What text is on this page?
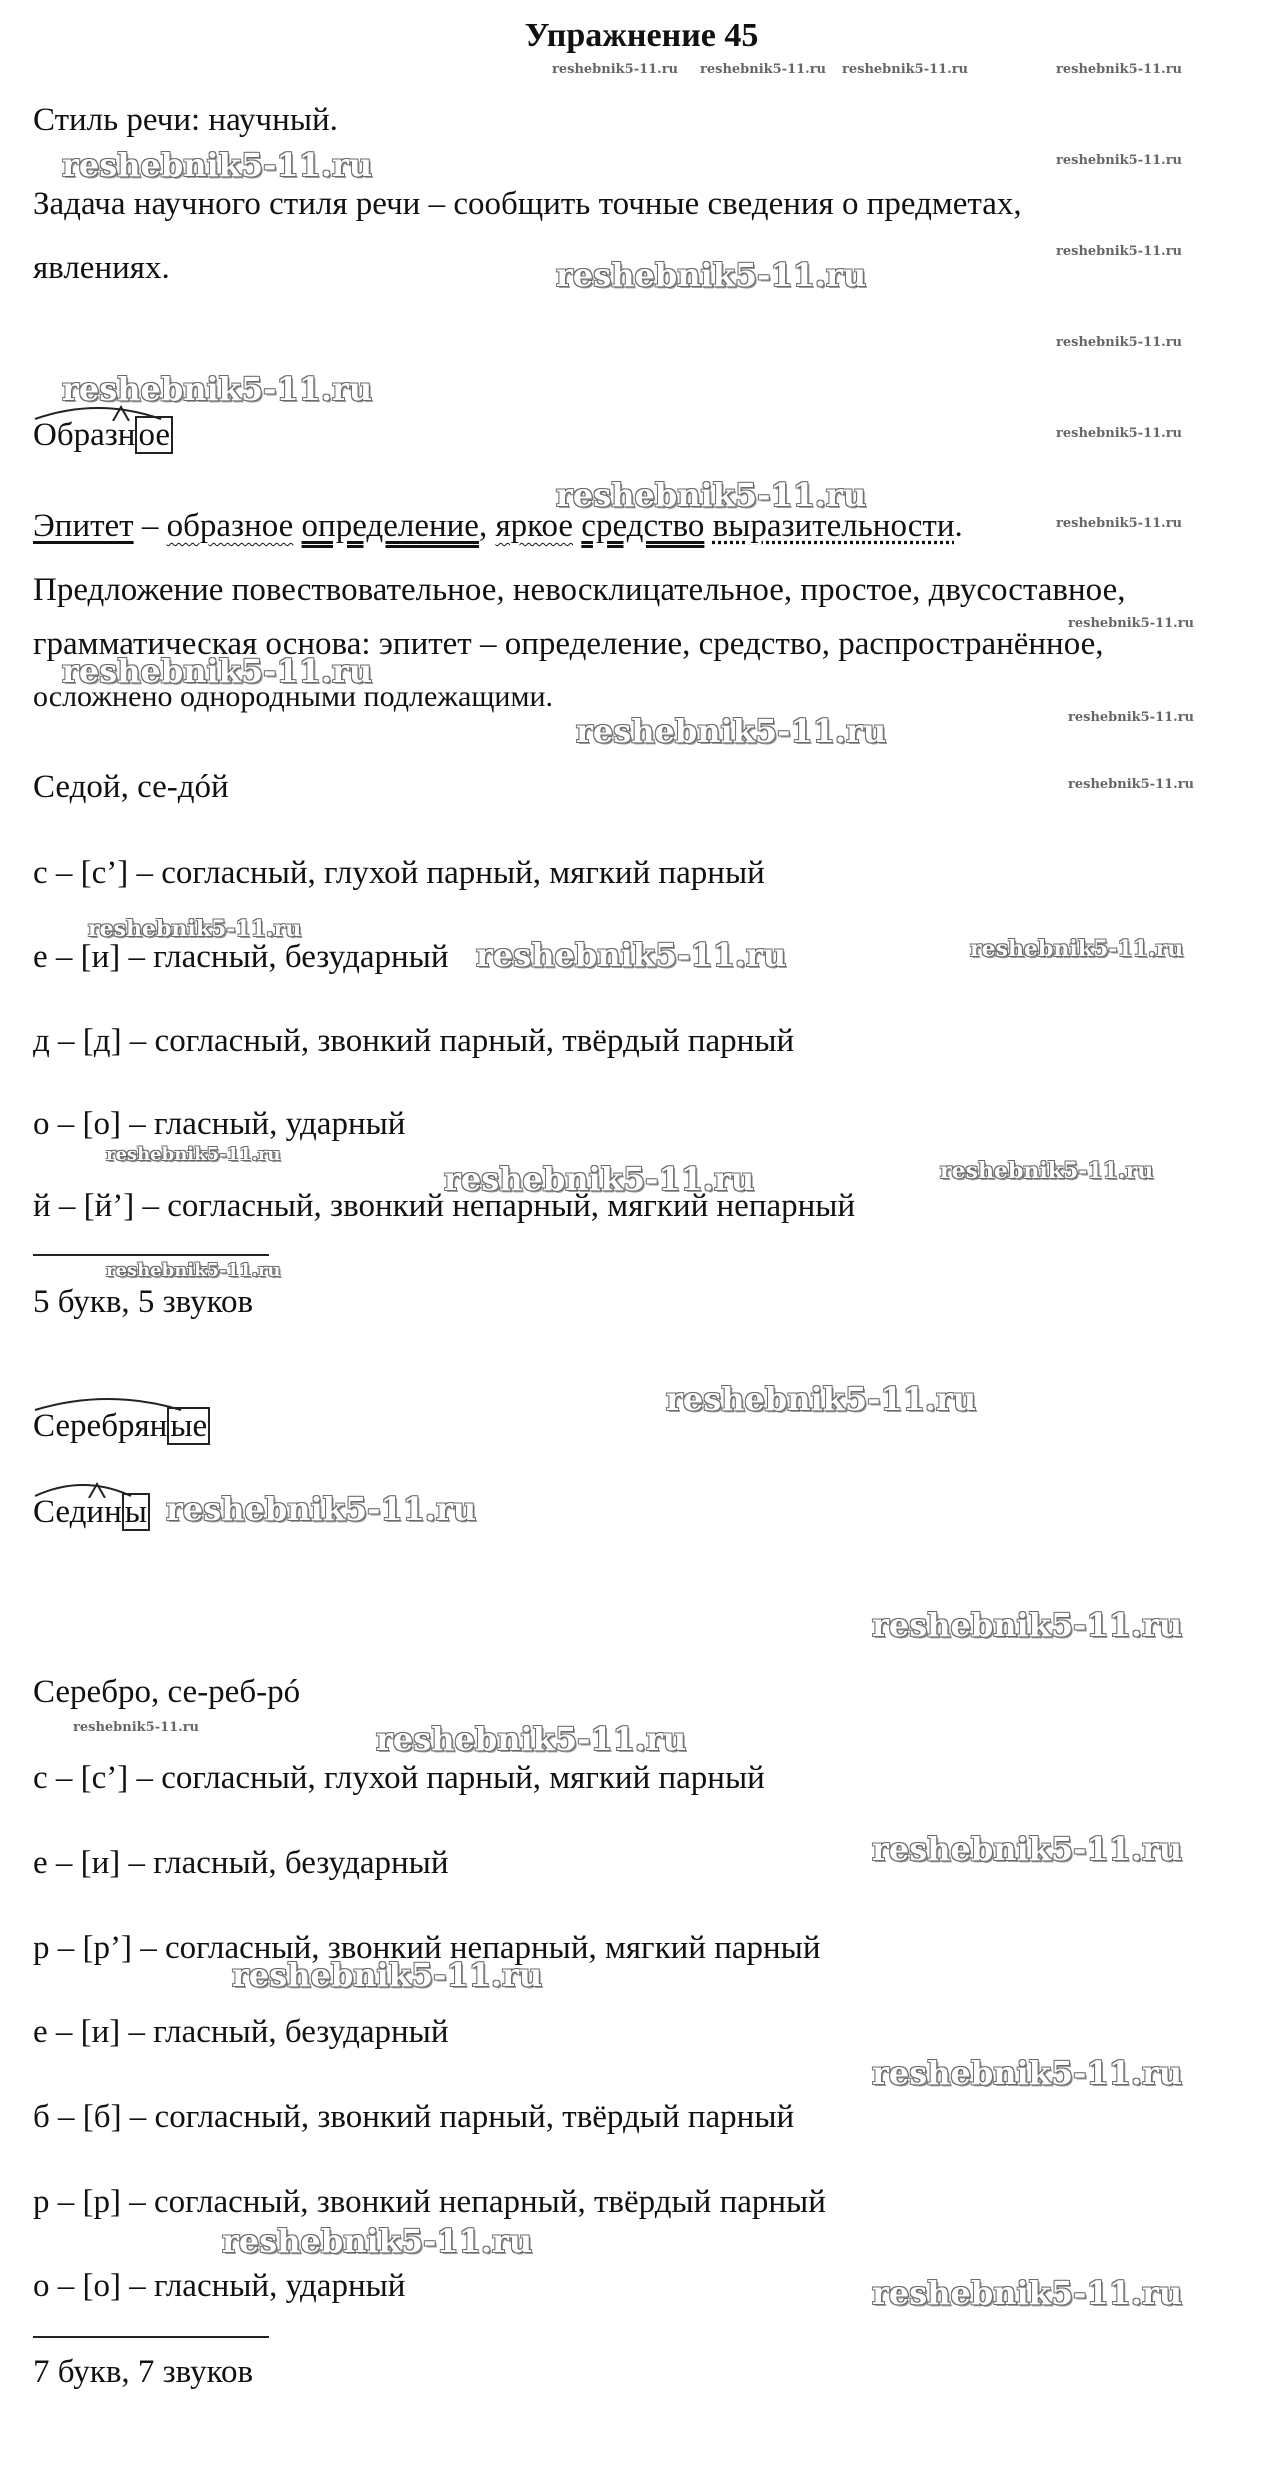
Упражнение 45
reshebnik5-11.ru reshebnik5-11.ru reshebnik5-11.ru	reshebnik5-11.ru
Стиль речи: научный.
reshebnik5-11.ru	reshebnik5-11.ru
Задача научного стиля речи – сообщить точные сведения о предметах,
reshebnik5-11.ru
явлениях.	reshebnik5-11.ru
reshebnik5-11.ru
reshebnik5-11.ru
Образное	reshebnik5-11.ru
reshebnik5-11.ru
reshebnik5-11.ru
Эпитет – образное определение, яркое средство выразительности.
Предложение повествовательное, невосклицательное, простое, двусоставное,
reshebnik5-11.ru
грамматическая основа: эпитет – определение, средство, распространённое,
reshebnik5-11.ru
осложнено однородными подлежащими.
reshebnik5-11.ru	reshebnik5-11.ru
reshebnik5-11.ru
Седой, се-дóй
с – [с’] – согласный, глухой парный, мягкий парный
reshebnik5-11.ru
е – [и] – гласный, безударный reshebnik5-11.ru	reshebnik5-11.ru
д – [д] – согласный, звонкий парный, твёрдый парный
о – [о] – гласный, ударный
reshebnik5-11.ru
reshebnik5-11.ru	reshebnik5-11.ru
й – [й’] – согласный, звонкий непарный, мягкий непарный
reshebnik5-11.ru
5 букв, 5 звуков
reshebnik5-11.ru
Серебряные
Седины reshebnik5-11.ru
reshebnik5-11.ru
Серебро, се-реб-рó
reshebnik5-11.ru	reshebnik5-11.ru
с – [с’] – согласный, глухой парный, мягкий парный
е – [и] – гласный, безударный	reshebnik5-11.ru
р – [р’] – согласный, звонкий непарный, мягкий парный
reshebnik5-11.ru
е – [и] – гласный, безударный
reshebnik5-11.ru
б – [б] – согласный, звонкий парный, твёрдый парный
р – [р] – согласный, звонкий непарный, твёрдый парный
reshebnik5-11.ru
о – [о] – гласный, ударный	reshebnik5-11.ru
7 букв, 7 звуков
